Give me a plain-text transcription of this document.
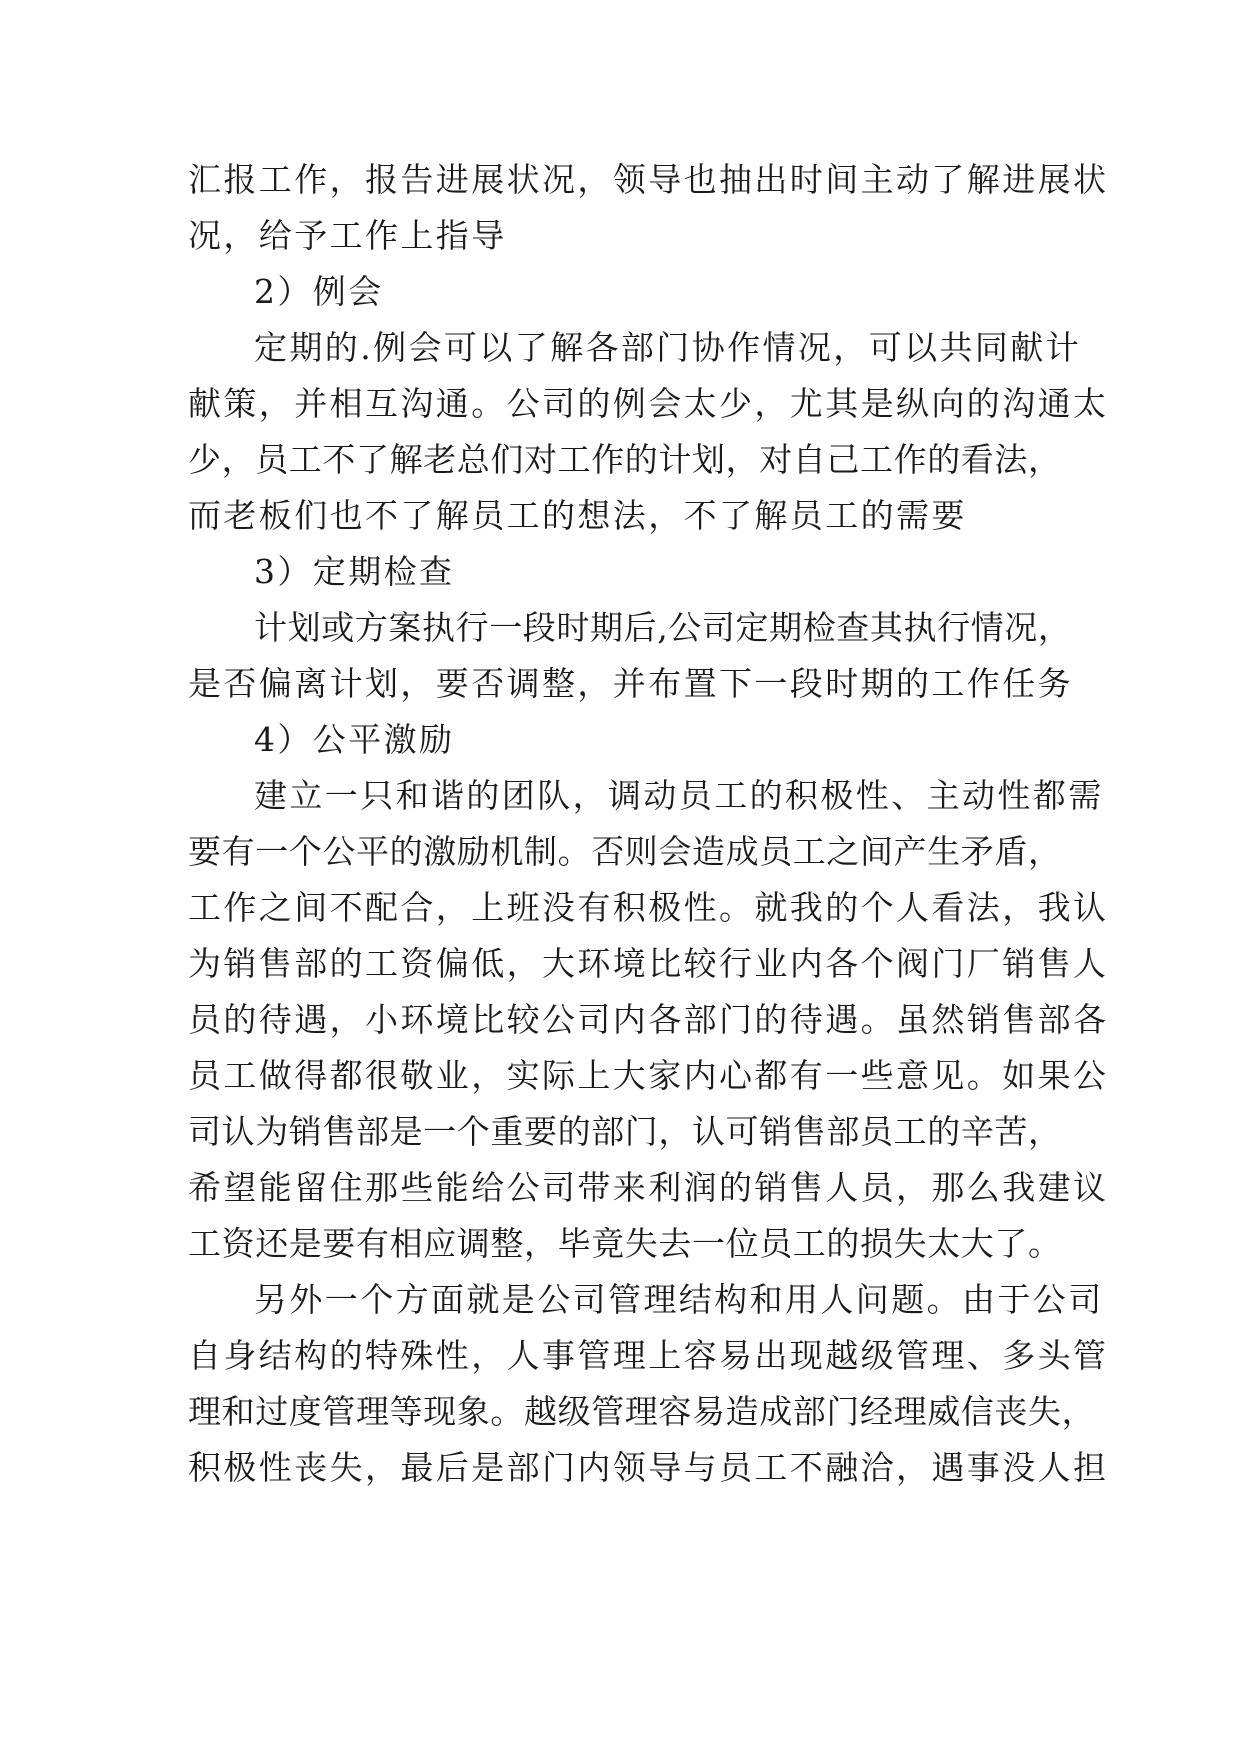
汇报工作，报告进展状况，领导也抽出时间主动了解进展状
况，给予工作上指导
2）例会
定期的.例会可以了解各部门协作情况，可以共同献计
献策，并相互沟通。公司的例会太少，尤其是纵向的沟通太
少，员工不了解老总们对工作的计划，对自己工作的看法，
而老板们也不了解员工的想法，不了解员工的需要
3）定期检查
计划或方案执行一段时期后,公司定期检查其执行情况，
是否偏离计划，要否调整，并布置下一段时期的工作任务
4）公平激励
建立一只和谐的团队，调动员工的积极性、主动性都需
要有一个公平的激励机制。否则会造成员工之间产生矛盾，
工作之间不配合，上班没有积极性。就我的个人看法，我认
为销售部的工资偏低，大环境比较行业内各个阀门厂销售人
员的待遇，小环境比较公司内各部门的待遇。虽然销售部各
员工做得都很敬业，实际上大家内心都有一些意见。如果公
司认为销售部是一个重要的部门，认可销售部员工的辛苦，
希望能留住那些能给公司带来利润的销售人员，那么我建议
工资还是要有相应调整，毕竟失去一位员工的损失太大了。
另外一个方面就是公司管理结构和用人问题。由于公司
自身结构的特殊性，人事管理上容易出现越级管理、多头管
理和过度管理等现象。越级管理容易造成部门经理威信丧失，
积极性丧失，最后是部门内领导与员工不融洽，遇事没人担
